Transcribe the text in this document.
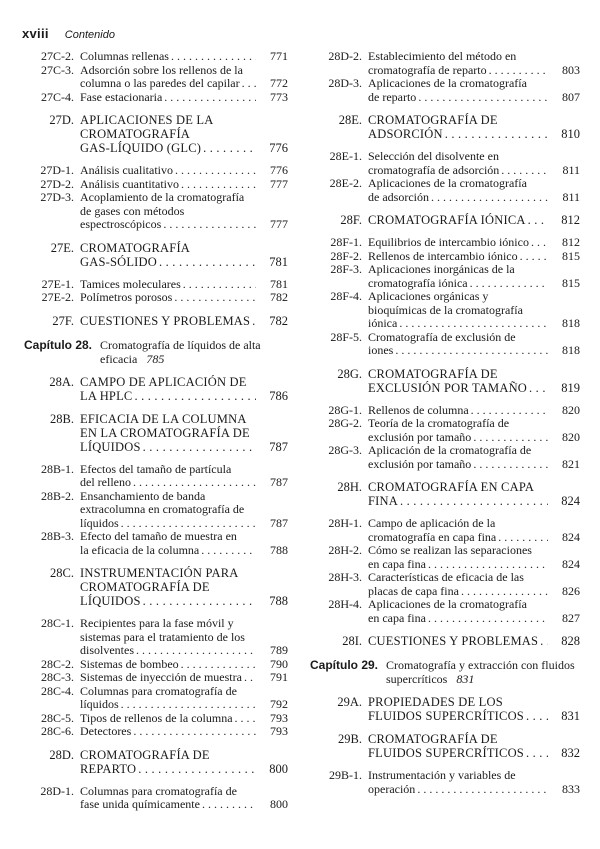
xviii Contenido
27C-2. Columnas rellenas . . .	771
27C-3. Adsorción sobre los rellenos de la
columna o las paredes del capilar . . .	772
27C-4. Fase estacionaria . . .	773
27D. APLICACIONES DE LA
CROMATOGRAFÍA
GAS-LÍQUIDO (GLC) . . .	776
27D-1. Análisis cualitativo . . .	776
27D-2. Análisis cuantitativo . . .	777
27D-3. Acoplamiento de la cromatografía
de gases con métodos
espectroscópicos . . .	777
27E. CROMATOGRAFÍA
GAS-SÓLIDO . . .	781
27E-1. Tamices moleculares . . .	781
27E-2. Polímetros porosos . . .	782
27F. CUESTIONES Y PROBLEMAS . . .	782
Capítulo 28. Cromatografía de líquidos de alta eficacia 785
28A. CAMPO DE APLICACIÓN DE
LA HPLC . . .	786
28B. EFICACIA DE LA COLUMNA
EN LA CROMATOGRAFÍA DE
LÍQUIDOS . . .	787
28B-1. Efectos del tamaño de partícula
del relleno . . .	787
28B-2. Ensanchamiento de banda
extracolumna en cromatografía de
líquidos . . .	787
28B-3. Efecto del tamaño de muestra en
la eficacia de la columna . . .	788
28C. INSTRUMENTACIÓN PARA
CROMATOGRAFÍA DE
LÍQUIDOS . . .	788
28C-1. Recipientes para la fase móvil y
sistemas para el tratamiento de los
disolventes . . .	789
28C-2. Sistemas de bombeo . . .	790
28C-3. Sistemas de inyección de muestra . . .	791
28C-4. Columnas para cromatografía de
líquidos . . .	792
28C-5. Tipos de rellenos de la columna . . .	793
28C-6. Detectores . . .	793
28D. CROMATOGRAFÍA DE
REPARTO . . .	800
28D-1. Columnas para cromatografía de
fase unida químicamente . . .	800
28D-2. Establecimiento del método en
cromatografía de reparto . . .	803
28D-3. Aplicaciones de la cromatografía
de reparto . . .	807
28E. CROMATOGRAFÍA DE
ADSORCIÓN . . .	810
28E-1. Selección del disolvente en
cromatografía de adsorción . . .	811
28E-2. Aplicaciones de la cromatografía
de adsorción . . .	811
28F. CROMATOGRAFÍA IÓNICA . . .	812
28F-1. Equilibrios de intercambio iónico . . .	812
28F-2. Rellenos de intercambio iónico . . .	815
28F-3. Aplicaciones inorgánicas de la
cromatografía iónica . . .	815
28F-4. Aplicaciones orgánicas y
bioquímicas de la cromatografía
iónica . . .	818
28F-5. Cromatografía de exclusión de
iones . . .	818
28G. CROMATOGRAFÍA DE
EXCLUSIÓN POR TAMAÑO . . .	819
28G-1. Rellenos de columna . . .	820
28G-2. Teoría de la cromatografía de
exclusión por tamaño . . .	820
28G-3. Aplicación de la cromatografía de
exclusión por tamaño . . .	821
28H. CROMATOGRAFÍA EN CAPA
FINA . . .	824
28H-1. Campo de aplicación de la
cromatografía en capa fina . . .	824
28H-2. Cómo se realizan las separaciones
en capa fina . . .	824
28H-3. Características de eficacia de las
placas de capa fina . . .	826
28H-4. Aplicaciones de la cromatografía
en capa fina . . .	827
28I. CUESTIONES Y PROBLEMAS . . .	828
Capítulo 29. Cromatografía y extracción con fluidos supercríticos 831
29A. PROPIEDADES DE LOS
FLUIDOS SUPERCRÍTICOS . . .	831
29B. CROMATOGRAFÍA DE
FLUIDOS SUPERCRÍTICOS . . .	832
29B-1. Instrumentación y variables de
operación . . .	833
